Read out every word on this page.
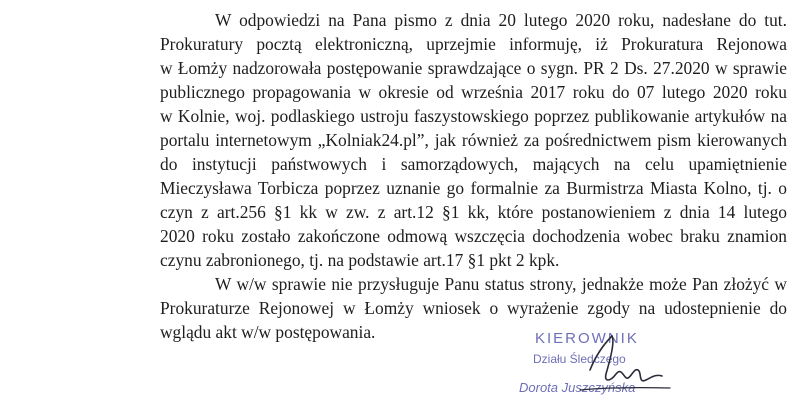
W odpowiedzi na Pana pismo z dnia 20 lutego 2020 roku, nadesłane do tut.
Prokuratury pocztą elektroniczną, uprzejmie informuję, iż Prokuratura Rejonowa
w Łomży nadzorowała postępowanie sprawdzające o sygn. PR 2 Ds. 27.2020 w sprawie
publicznego propagowania w okresie od września 2017 roku do 07 lutego 2020 roku
w Kolnie, woj. podlaskiego ustroju faszystowskiego poprzez publikowanie artykułów na
portalu internetowym „Kolniak24.pl”, jak również za pośrednictwem pism kierowanych
do instytucji państwowych i samorządowych, mających na celu upamiętnienie
Mieczysława Torbicza poprzez uznanie go formalnie za Burmistrza Miasta Kolno, tj. o
czyn z art.256 §1 kk w zw. z art.12 §1 kk, które postanowieniem z dnia 14 lutego
2020 roku zostało zakończone odmową wszczęcia dochodzenia wobec braku znamion
czynu zabronionego, tj. na podstawie art.17 §1 pkt 2 kpk.
W w/w sprawie nie przysługuje Panu status strony, jednakże może Pan złożyć w
Prokuraturze Rejonowej w Łomży wniosek o wyrażenie zgody na udostepnienie do
wglądu akt w/w postępowania.	KIEROWNIK
Działu Śledczego
Dorota Juszczyńska
